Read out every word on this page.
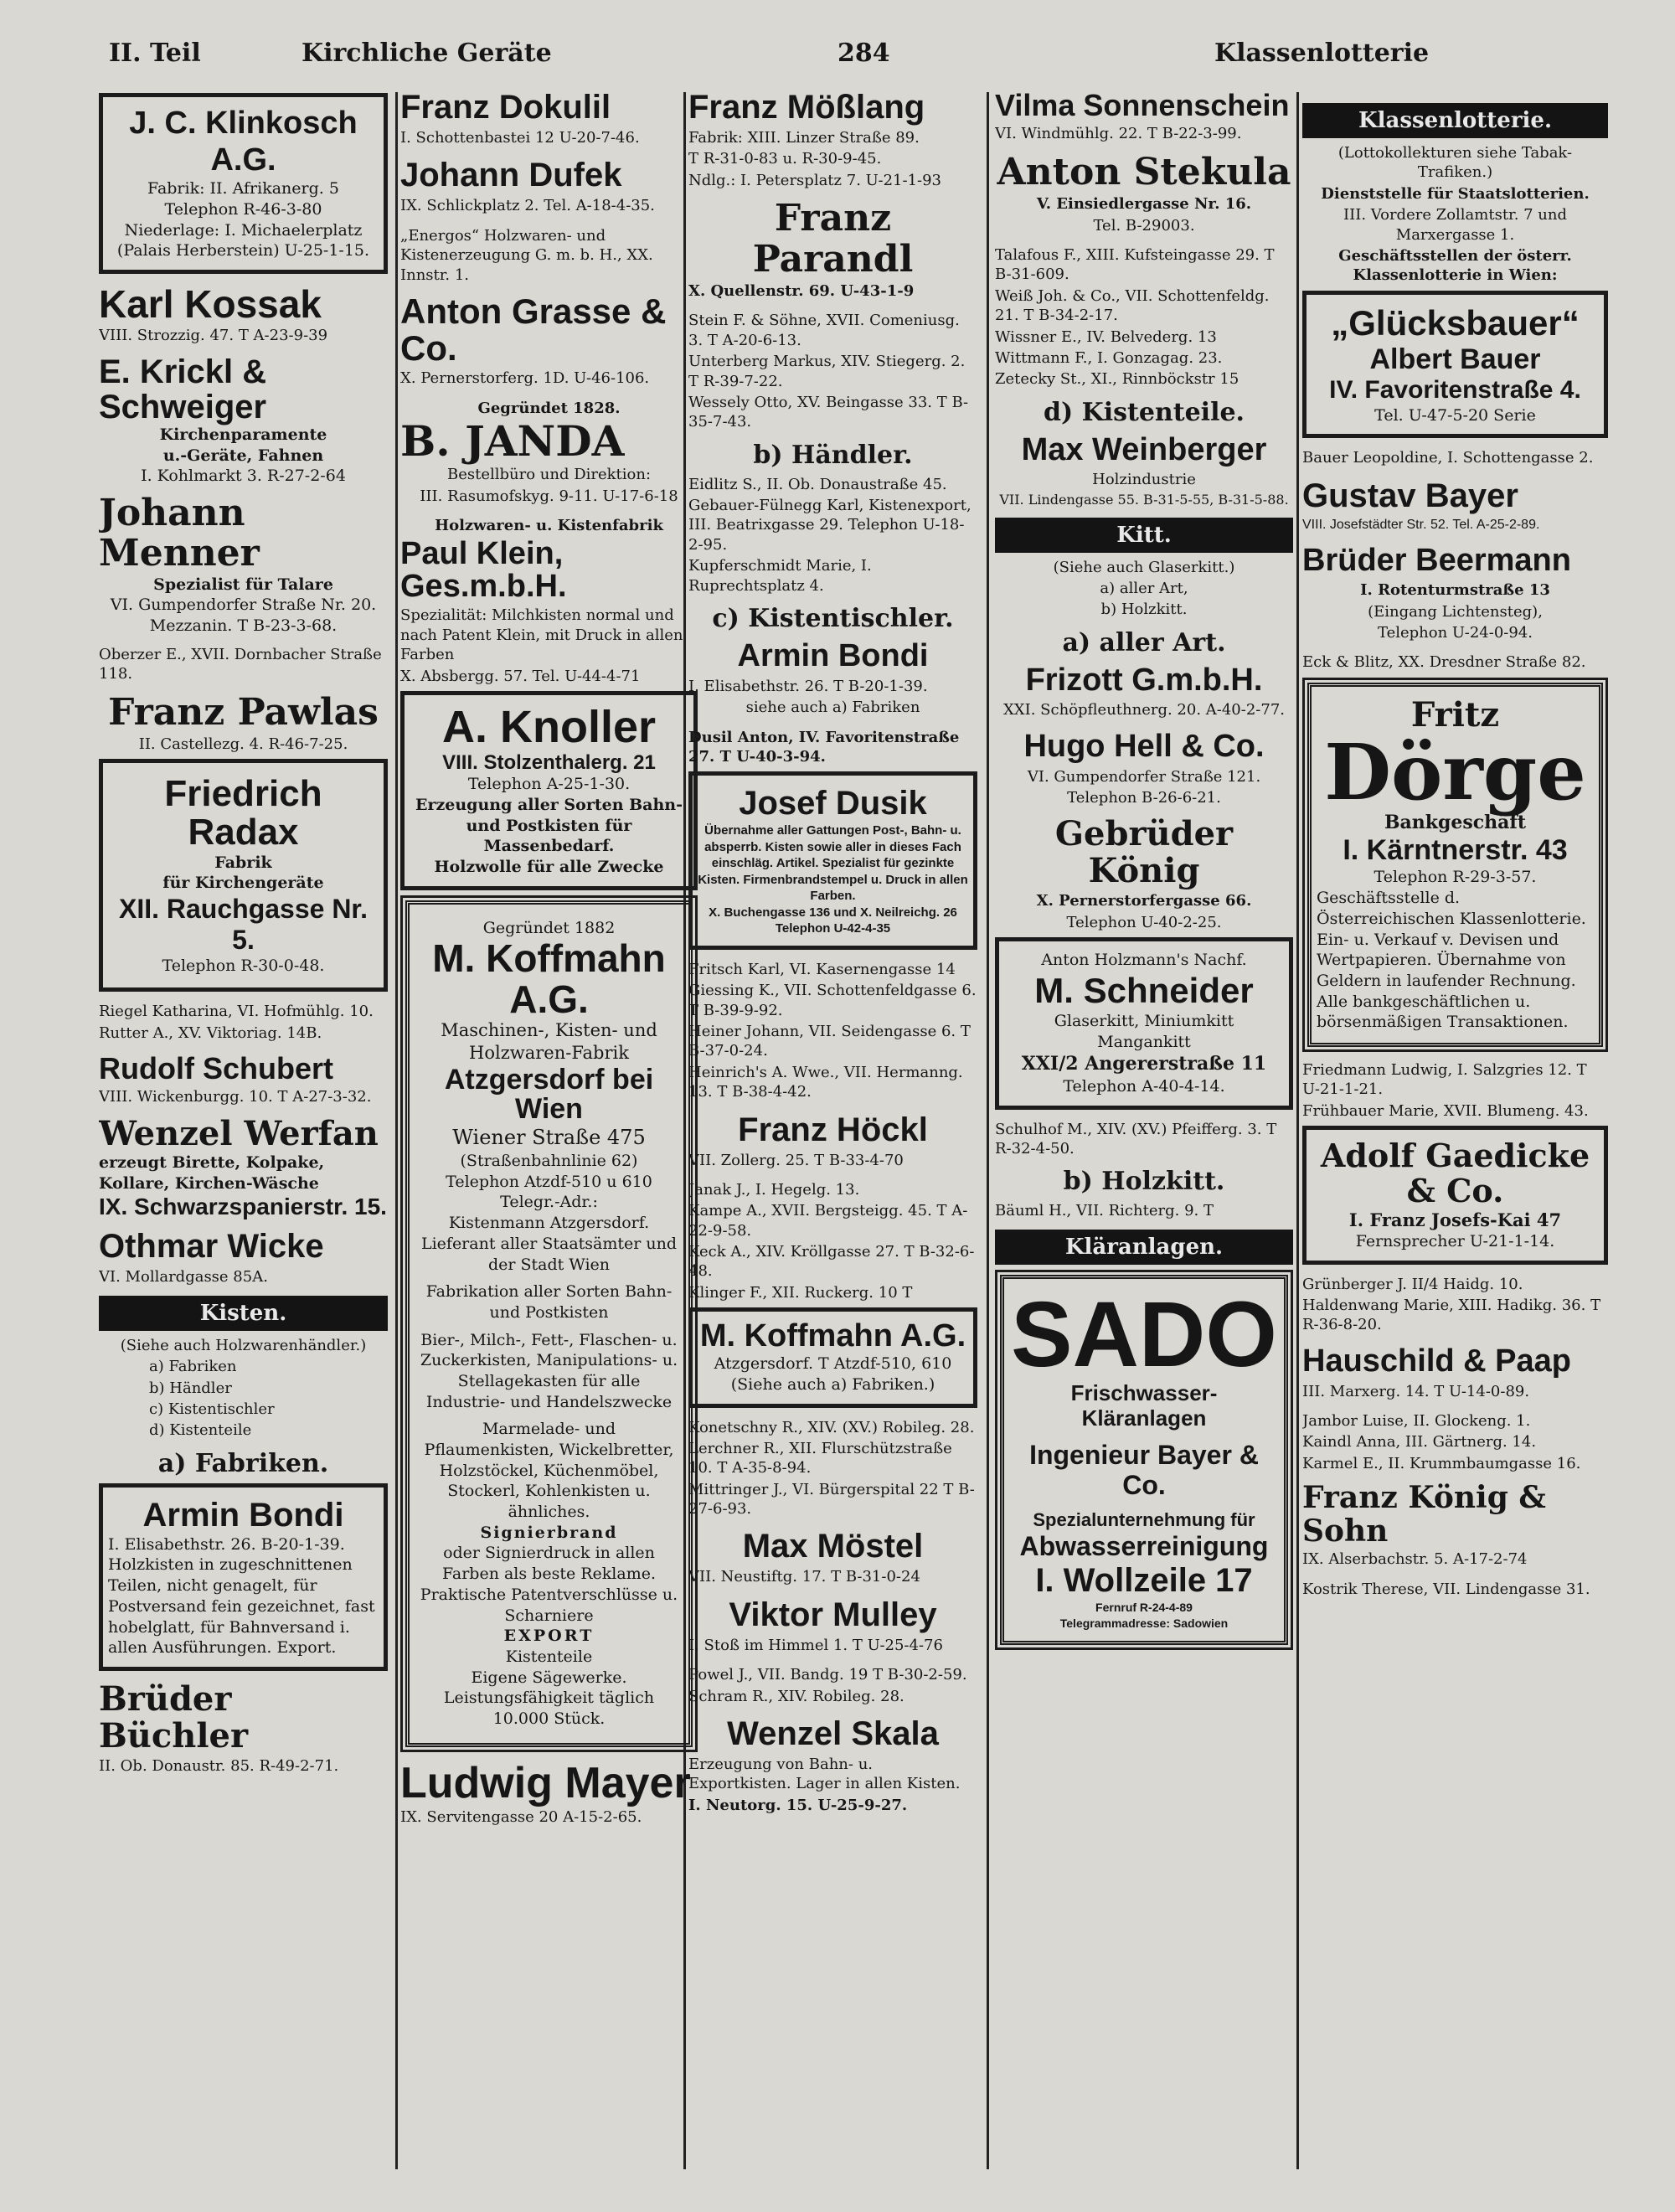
II. Teil	Kirchliche Geräte	284	Klassenlotterie
J. C. Klinkosch A.G.
Fabrik: II. Afrikanerg. 5
Telephon R-46-3-80
Niederlage: I. Michaelerplatz
(Palais Herberstein) U-25-1-15.
Karl Kossak
VIII. Strozzig. 47. T A-23-9-39
E. Krickl & Schweiger
Kirchenparamente
u.-Geräte, Fahnen
I. Kohlmarkt 3. R-27-2-64
Johann Menner
Spezialist für Talare
VI. Gumpendorfer Straße Nr. 20.
Mezzanin. T B-23-3-68.
Oberzer E., XVII. Dornbacher Straße 118.
Franz Pawlas
II. Castellezg. 4. R-46-7-25.
Friedrich Radax
Fabrik
für Kirchengeräte
XII. Rauchgasse Nr. 5.
Telephon R-30-0-48.
Riegel Katharina, VI. Hofmühlg. 10.
Rutter A., XV. Viktoriag. 14B.
Rudolf Schubert
VIII. Wickenburgg. 10. T A-27-3-32.
Wenzel Werfan
erzeugt Birette, Kolpake,
Kollare, Kirchen-Wäsche
IX. Schwarzspanierstr. 15.
Othmar Wicke
VI. Mollardgasse 85A.
Kisten.
(Siehe auch Holzwarenhändler.)
a) Fabriken
b) Händler
c) Kistentischler
d) Kistenteile
a) Fabriken.
Armin Bondi
I. Elisabethstr. 26. B-20-1-39. Holzkisten in zugeschnittenen Teilen, nicht genagelt, für Postversand fein gezeichnet, fast hobelglatt, für Bahnversand i. allen Ausführungen. Export.
Brüder Büchler
II. Ob. Donaustr. 85. R-49-2-71.
Franz Dokulil
I. Schottenbastei 12 U-20-7-46.
Johann Dufek
IX. Schlickplatz 2. Tel. A-18-4-35.
„Energos“ Holzwaren- und Kistenerzeugung G. m. b. H., XX. Innstr. 1.
Anton Grasse & Co.
X. Pernerstorferg. 1D. U-46-106.
Gegründet 1828.
B. JANDA
Bestellbüro und Direktion:
III. Rasumofskyg. 9-11. U-17-6-18
Holzwaren- u. Kistenfabrik
Paul Klein, Ges.m.b.H.
Spezialität: Milchkisten normal und nach Patent Klein, mit Druck in allen Farben
X. Absbergg. 57. Tel. U-44-4-71
A. Knoller
VIII. Stolzenthalerg. 21
Telephon A-25-1-30.
Erzeugung aller Sorten Bahn- und Postkisten für Massenbedarf.
Holzwolle für alle Zwecke
Gegründet 1882
M. Koffmahn A.G.
Maschinen-, Kisten- und Holzwaren-Fabrik
Atzgersdorf bei Wien
Wiener Straße 475
(Straßenbahnlinie 62)
Telephon Atzdf-510 u 610
Telegr.-Adr.:
Kistenmann Atzgersdorf.
Lieferant aller Staatsämter und der Stadt Wien
Fabrikation aller Sorten Bahn- und Postkisten
Bier-, Milch-, Fett-, Flaschen- u. Zuckerkisten, Manipulations- u. Stellagekasten für alle Industrie- und Handelszwecke
Marmelade- und Pflaumenkisten, Wickelbretter, Holzstöckel, Küchenmöbel, Stockerl, Kohlenkisten u. ähnliches.
Signierbrand
oder Signierdruck in allen Farben als beste Reklame. Praktische Patentverschlüsse u. Scharniere
EXPORT
Kistenteile
Eigene Sägewerke. Leistungsfähigkeit täglich 10.000 Stück.
Ludwig Mayer
IX. Servitengasse 20 A-15-2-65.
Franz Mößlang
Fabrik: XIII. Linzer Straße 89.
T R-31-0-83 u. R-30-9-45.
Ndlg.: I. Petersplatz 7. U-21-1-93
Franz Parandl
X. Quellenstr. 69. U-43-1-9
Stein F. & Söhne, XVII. Comeniusg. 3. T A-20-6-13.
Unterberg Markus, XIV. Stiegerg. 2. T R-39-7-22.
Wessely Otto, XV. Beingasse 33. T B-35-7-43.
b) Händler.
Eidlitz S., II. Ob. Donaustraße 45.
Gebauer-Fülnegg Karl, Kistenexport, III. Beatrixgasse 29. Telephon U-18-2-95.
Kupferschmidt Marie, I. Ruprechtsplatz 4.
c) Kistentischler.
Armin Bondi
I. Elisabethstr. 26. T B-20-1-39.
siehe auch a) Fabriken
Dusil Anton, IV. Favoritenstraße 27. T U-40-3-94.
Josef Dusik
Übernahme aller Gattungen Post-, Bahn- u. absperrb. Kisten sowie aller in dieses Fach einschläg. Artikel. Spezialist für gezinkte Kisten. Firmenbrandstempel u. Druck in allen Farben.
X. Buchengasse 136 und X. Neilreichg. 26
Telephon U-42-4-35
Fritsch Karl, VI. Kasernengasse 14
Giessing K., VII. Schottenfeldgasse 6. T B-39-9-92.
Heiner Johann, VII. Seidengasse 6. T B-37-0-24.
Heinrich's A. Wwe., VII. Hermanng. 13. T B-38-4-42.
Franz Höckl
VII. Zollerg. 25. T B-33-4-70
Janak J., I. Hegelg. 13.
Kampe A., XVII. Bergsteigg. 45. T A-22-9-58.
Keck A., XIV. Kröllgasse 27. T B-32-6-48.
Klinger F., XII. Ruckerg. 10 T
M. Koffmahn A.G.
Atzgersdorf. T Atzdf-510, 610
(Siehe auch a) Fabriken.)
Konetschny R., XIV. (XV.) Robileg. 28.
Lerchner R., XII. Flurschützstraße 10. T A-35-8-94.
Mittringer J., VI. Bürgerspital 22 T B-27-6-93.
Max Möstel
VII. Neustiftg. 17. T B-31-0-24
Viktor Mulley
I. Stoß im Himmel 1. T U-25-4-76
Powel J., VII. Bandg. 19 T B-30-2-59.
Schram R., XIV. Robileg. 28.
Wenzel Skala
Erzeugung von Bahn- u. Exportkisten. Lager in allen Kisten.
I. Neutorg. 15. U-25-9-27.
Vilma Sonnenschein
VI. Windmühlg. 22. T B-22-3-99.
Anton Stekula
V. Einsiedlergasse Nr. 16.
Tel. B-29003.
Talafous F., XIII. Kufsteingasse 29. T B-31-609.
Weiß Joh. & Co., VII. Schottenfeldg. 21. T B-34-2-17.
Wissner E., IV. Belvederg. 13
Wittmann F., I. Gonzagag. 23.
Zetecky St., XI., Rinnböckstr 15
d) Kistenteile.
Max Weinberger
Holzindustrie
VII. Lindengasse 55. B-31-5-55, B-31-5-88.
Kitt.
(Siehe auch Glaserkitt.)
a) aller Art,
b) Holzkitt.
a) aller Art.
Frizott G.m.b.H.
XXI. Schöpfleuthnerg. 20. A-40-2-77.
Hugo Hell & Co.
VI. Gumpendorfer Straße 121.
Telephon B-26-6-21.
Gebrüder König
X. Pernerstorfergasse 66.
Telephon U-40-2-25.
Anton Holzmann's Nachf.
M. Schneider
Glaserkitt, Miniumkitt
Mangankitt
XXI/2 Angererstraße 11
Telephon A-40-4-14.
Schulhof M., XIV. (XV.) Pfeifferg. 3. T R-32-4-50.
b) Holzkitt.
Bäuml H., VII. Richterg. 9. T
Kläranlagen.
SADO
Frischwasser-Kläranlagen
Ingenieur Bayer & Co.
Spezialunternehmung für
Abwasserreinigung
I. Wollzeile 17
Fernruf R-24-4-89
Telegrammadresse: Sadowien
Klassenlotterie.
(Lottokollekturen siehe Tabak-Trafiken.)
Dienststelle für Staatslotterien.
III. Vordere Zollamtstr. 7 und Marxergasse 1.
Geschäftsstellen der österr. Klassenlotterie in Wien:
„Glücksbauer“
Albert Bauer
IV. Favoritenstraße 4.
Tel. U-47-5-20 Serie
Bauer Leopoldine, I. Schottengasse 2.
Gustav Bayer
VIII. Josefstädter Str. 52. Tel. A-25-2-89.
Brüder Beermann
I. Rotenturmstraße 13
(Eingang Lichtensteg),
Telephon U-24-0-94.
Eck & Blitz, XX. Dresdner Straße 82.
Fritz
Dörge
Bankgeschäft
I. Kärntnerstr. 43
Telephon R-29-3-57.
Geschäftsstelle d. Österreichischen Klassenlotterie. Ein- u. Verkauf v. Devisen und Wertpapieren. Übernahme von Geldern in laufender Rechnung. Alle bankgeschäftlichen u. börsenmäßigen Transaktionen.
Friedmann Ludwig, I. Salzgries 12. T U-21-1-21.
Frühbauer Marie, XVII. Blumeng. 43.
Adolf Gaedicke & Co.
I. Franz Josefs-Kai 47
Fernsprecher U-21-1-14.
Grünberger J. II/4 Haidg. 10.
Haldenwang Marie, XIII. Hadikg. 36. T R-36-8-20.
Hauschild & Paap
III. Marxerg. 14. T U-14-0-89.
Jambor Luise, II. Glockeng. 1.
Kaindl Anna, III. Gärtnerg. 14.
Karmel E., II. Krummbaumgasse 16.
Franz König & Sohn
IX. Alserbachstr. 5. A-17-2-74
Kostrik Therese, VII. Lindengasse 31.
